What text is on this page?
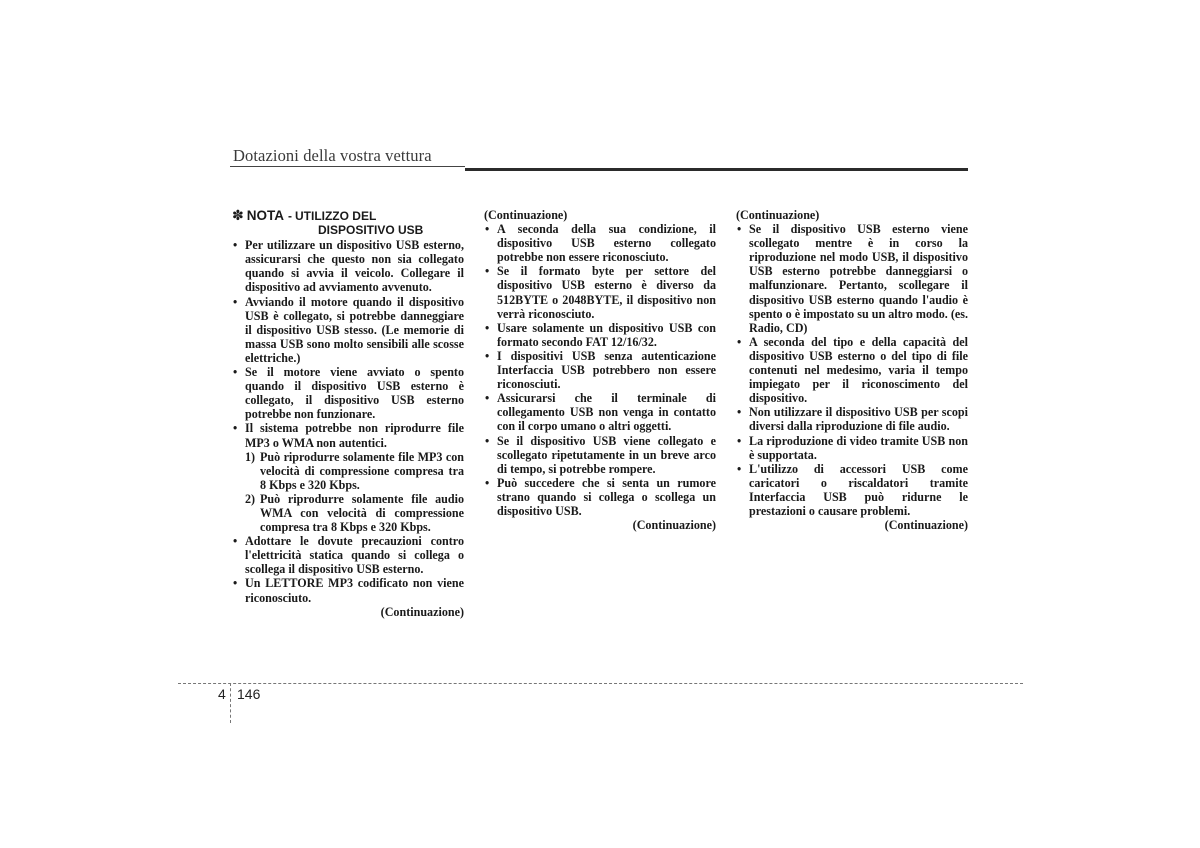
Dotazioni della vostra vettura
✽ NOTA - UTILIZZO DEL
DISPOSITIVO USB
• Per utilizzare un dispositivo USB esterno, assicurarsi che questo non sia collegato quando si avvia il veicolo. Collegare il dispositivo ad avviamento avvenuto.
• Avviando il motore quando il dispositivo USB è collegato, si potrebbe danneggiare il dispositivo USB stesso. (Le memorie di massa USB sono molto sensibili alle scosse elettriche.)
• Se il motore viene avviato o spento quando il dispositivo USB esterno è collegato, il dispositivo USB esterno potrebbe non funzionare.
• Il sistema potrebbe non riprodurre file MP3 o WMA non autentici.
1) Può riprodurre solamente file MP3 con velocità di compressione compresa tra 8 Kbps e 320 Kbps.
2) Può riprodurre solamente file audio WMA con velocità di compressione compresa tra 8 Kbps e 320 Kbps.
• Adottare le dovute precauzioni contro l'elettricità statica quando si collega o scollega il dispositivo USB esterno.
• Un LETTORE MP3 codificato non viene riconosciuto.
(Continuazione)
(Continuazione)
• A seconda della sua condizione, il dispositivo USB esterno collegato potrebbe non essere riconosciuto.
• Se il formato byte per settore del dispositivo USB esterno è diverso da 512BYTE o 2048BYTE, il dispositivo non verrà riconosciuto.
• Usare solamente un dispositivo USB con formato secondo FAT 12/16/32.
• I dispositivi USB senza autenticazione Interfaccia USB potrebbero non essere riconosciuti.
• Assicurarsi che il terminale di collegamento USB non venga in contatto con il corpo umano o altri oggetti.
• Se il dispositivo USB viene collegato e scollegato ripetutamente in un breve arco di tempo, si potrebbe rompere.
• Può succedere che si senta un rumore strano quando si collega o scollega un dispositivo USB.
(Continuazione)
(Continuazione)
• Se il dispositivo USB esterno viene scollegato mentre è in corso la riproduzione nel modo USB, il dispositivo USB esterno potrebbe danneggiarsi o malfunzionare. Pertanto, scollegare il dispositivo USB esterno quando l'audio è spento o è impostato su un altro modo. (es. Radio, CD)
• A seconda del tipo e della capacità del dispositivo USB esterno o del tipo di file contenuti nel medesimo, varia il tempo impiegato per il riconoscimento del dispositivo.
• Non utilizzare il dispositivo USB per scopi diversi dalla riproduzione di file audio.
• La riproduzione di video tramite USB non è supportata.
• L'utilizzo di accessori USB come caricatori o riscaldatori tramite Interfaccia USB può ridurne le prestazioni o causare problemi.
(Continuazione)
4 146
